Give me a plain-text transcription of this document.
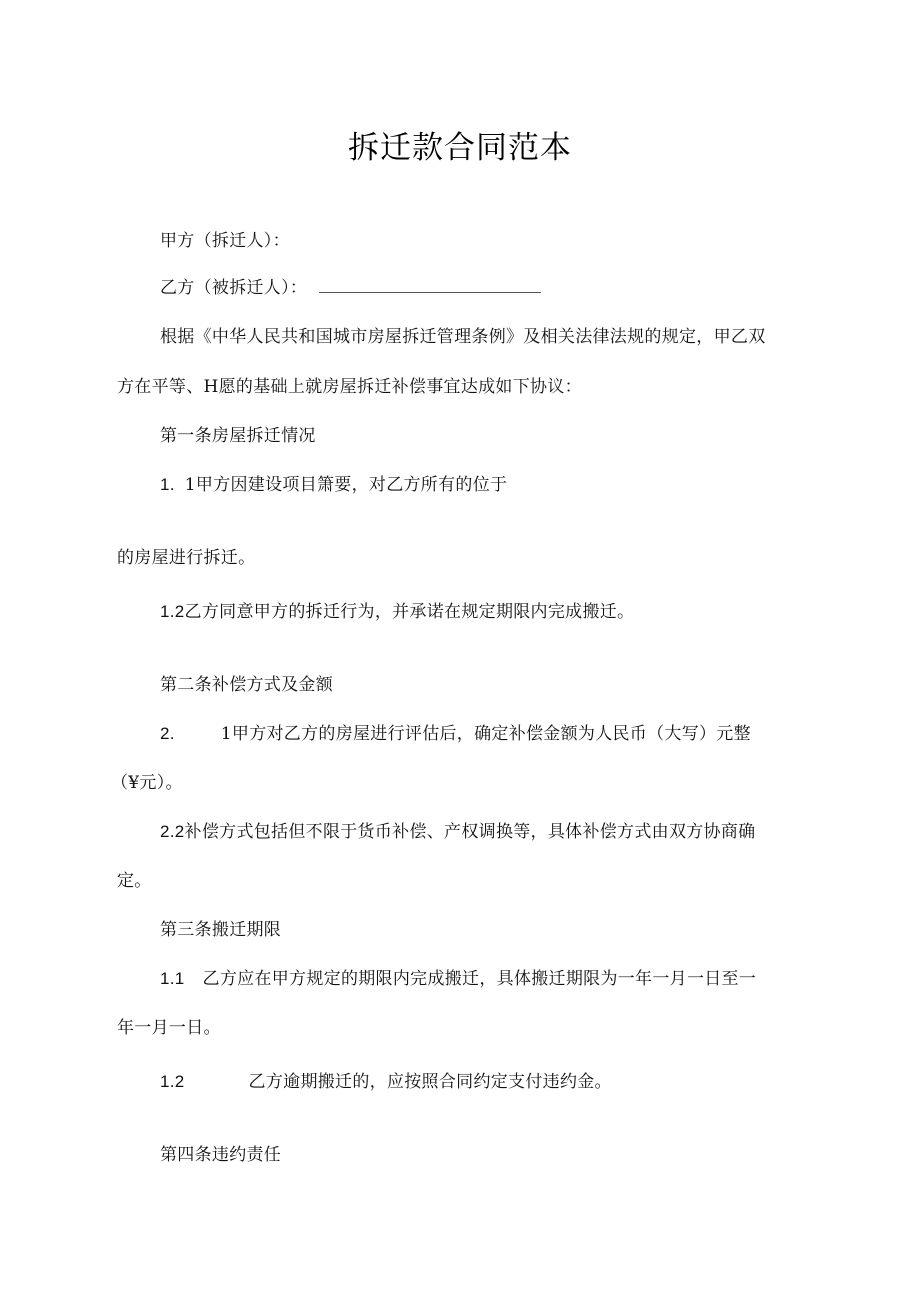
拆迁款合同范本
甲方（拆迁人）：
乙方（被拆迁人）：
根据《中华人民共和国城市房屋拆迁管理条例》及相关法律法规的规定，甲乙双
方在平等、H愿的基础上就房屋拆迁补偿事宜达成如下协议：
第一条房屋拆迁情况
1. 1甲方因建设项目箫要，对乙方所有的位于
的房屋进行拆迁。
1.2乙方同意甲方的拆迁行为，并承诺在规定期限内完成搬迁。
第二条补偿方式及金额
2.	1甲方对乙方的房屋进行评估后，确定补偿金额为人民币（大写）元整
（¥元）。
2.2补偿方式包括但不限于货币补偿、产权调换等，具体补偿方式由双方协商确
定。
第三条搬迁期限
1.1 乙方应在甲方规定的期限内完成搬迁，具体搬迁期限为一年一月一日至一
年一月一日。
1.2	乙方逾期搬迁的，应按照合同约定支付违约金。
第四条违约责任
